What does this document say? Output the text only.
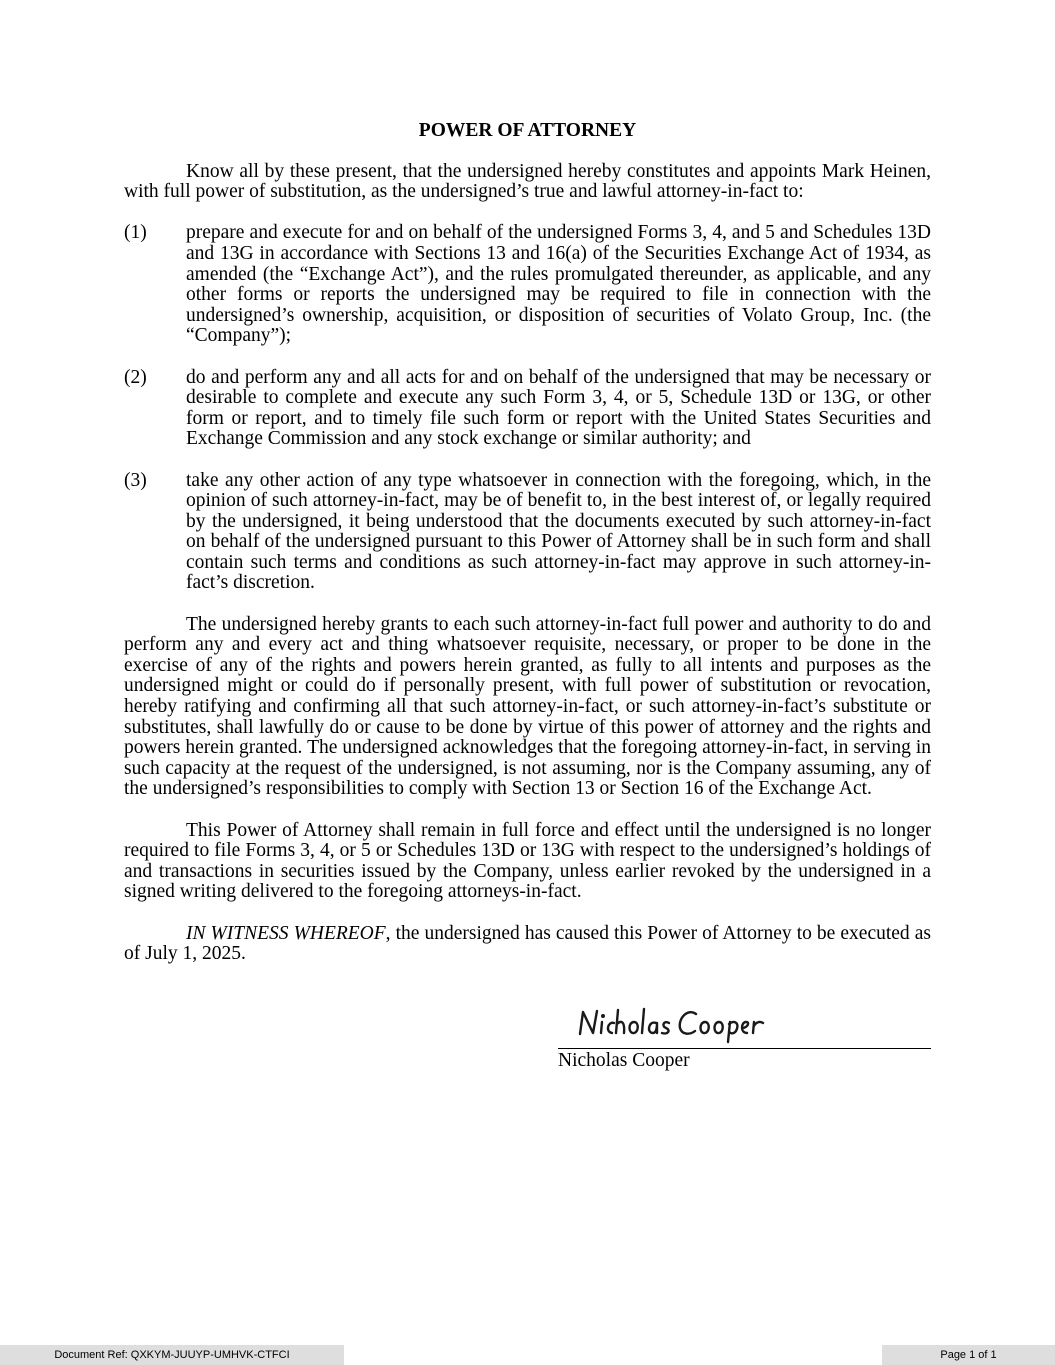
POWER OF ATTORNEY

Know all by these present, that the undersigned hereby constitutes and appoints Mark Heinen, with full power of substitution, as the undersigned’s true and lawful attorney-in-fact to:

(1)	prepare and execute for and on behalf of the undersigned Forms 3, 4, and 5 and Schedules 13D and 13G in accordance with Sections 13 and 16(a) of the Securities Exchange Act of 1934, as amended (the “Exchange Act”), and the rules promulgated thereunder, as applicable, and any other forms or reports the undersigned may be required to file in connection with the undersigned’s ownership, acquisition, or disposition of securities of Volato Group, Inc. (the “Company”);
(2)	do and perform any and all acts for and on behalf of the undersigned that may be necessary or desirable to complete and execute any such Form 3, 4, or 5, Schedule 13D or 13G, or other form or report, and to timely file such form or report with the United States Securities and Exchange Commission and any stock exchange or similar authority; and
(3)	take any other action of any type whatsoever in connection with the foregoing, which, in the opinion of such attorney-in-fact, may be of benefit to, in the best interest of, or legally required by the undersigned, it being understood that the documents executed by such attorney-in-fact on behalf of the undersigned pursuant to this Power of Attorney shall be in such form and shall contain such terms and conditions as such attorney-in-fact may approve in such attorney-in-fact’s discretion.

The undersigned hereby grants to each such attorney-in-fact full power and authority to do and perform any and every act and thing whatsoever requisite, necessary, or proper to be done in the exercise of any of the rights and powers herein granted, as fully to all intents and purposes as the undersigned might or could do if personally present, with full power of substitution or revocation, hereby ratifying and confirming all that such attorney-in-fact, or such attorney-in-fact’s substitute or substitutes, shall lawfully do or cause to be done by virtue of this power of attorney and the rights and powers herein granted. The undersigned acknowledges that the foregoing attorney-in-fact, in serving in such capacity at the request of the undersigned, is not assuming, nor is the Company assuming, any of the undersigned’s responsibilities to comply with Section 13 or Section 16 of the Exchange Act.

This Power of Attorney shall remain in full force and effect until the undersigned is no longer required to file Forms 3, 4, or 5 or Schedules 13D or 13G with respect to the undersigned’s holdings of and transactions in securities issued by the Company, unless earlier revoked by the undersigned in a signed writing delivered to the foregoing attorneys-in-fact.

IN WITNESS WHEREOF, the undersigned has caused this Power of Attorney to be executed as of July 1, 2025.

Nicholas Cooper
Document Ref: QXKYM-JUUYP-UMHVK-CTFCI	Page 1 of 1
